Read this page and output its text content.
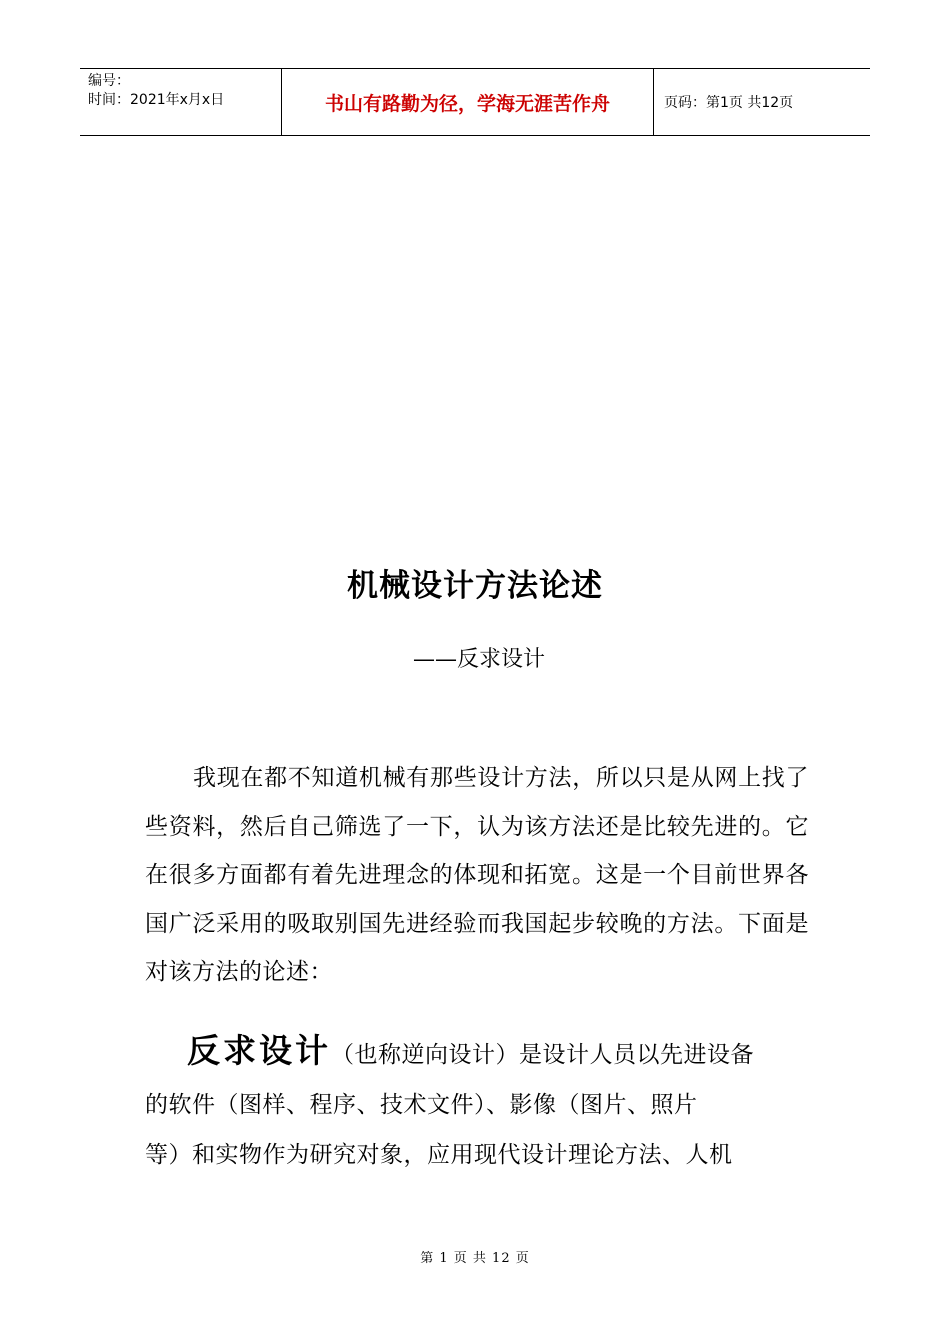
编号：
时间：2021年x月x日	书山有路勤为径，学海无涯苦作舟	页码：第1页 共12页
机械设计方法论述
——反求设计
我现在都不知道机械有那些设计方法，所以只是从网上找了些资料，然后自己筛选了一下，认为该方法还是比较先进的。它在很多方面都有着先进理念的体现和拓宽。这是一个目前世界各国广泛采用的吸取别国先进经验而我国起步较晚的方法。下面是对该方法的论述：
反求设计（也称逆向设计）是设计人员以先进设备
的软件（图样、程序、技术文件）、影像（图片、照片
等）和实物作为研究对象，应用现代设计理论方法、人机
第 1 页 共 12 页
